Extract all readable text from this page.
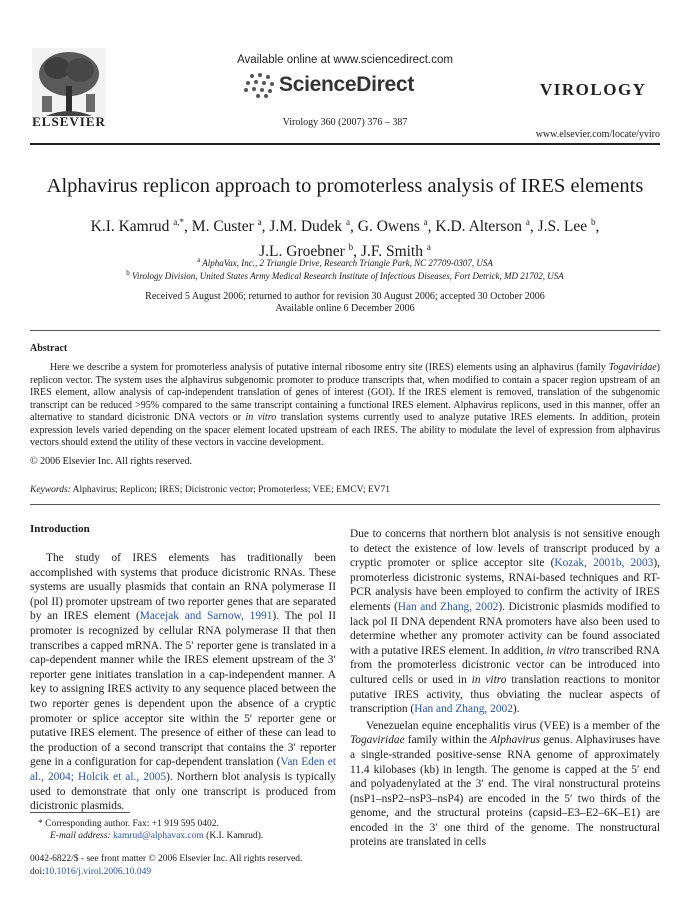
ELSEVIER
Available online at www.sciencedirect.com
ScienceDirect
Virology 360 (2007) 376 – 387
VIROLOGY
www.elsevier.com/locate/yviro
Alphavirus replicon approach to promoterless analysis of IRES elements
K.I. Kamrud $^{a,*}$, M. Custer $^a$, J.M. Dudek $^a$, G. Owens $^a$, K.D. Alterson $^a$, J.S. Lee $^b$,
J.L. Groebner $^b$, J.F. Smith $^a$
$^a$ AlphaVax, Inc., 2 Triangle Drive, Research Triangle Park, NC 27709-0307, USA
$^b$ Virology Division, United States Army Medical Research Institute of Infectious Diseases, Fort Detrick, MD 21702, USA
Received 5 August 2006; returned to author for revision 30 August 2006; accepted 30 October 2006
Available online 6 December 2006
Abstract
Here we describe a system for promoterless analysis of putative internal ribosome entry site (IRES) elements using an alphavirus (family Togaviridae) replicon vector. The system uses the alphavirus subgenomic promoter to produce transcripts that, when modified to contain a spacer region upstream of an IRES element, allow analysis of cap-independent translation of genes of interest (GOI). If the IRES element is removed, translation of the subgenomic transcript can be reduced >95% compared to the same transcript containing a functional IRES element. Alphavirus replicons, used in this manner, offer an alternative to standard dicistronic DNA vectors or in vitro translation systems currently used to analyze putative IRES elements. In addition, protein expression levels varied depending on the spacer element located upstream of each IRES. The ability to modulate the level of expression from alphavirus vectors should extend the utility of these vectors in vaccine development.
© 2006 Elsevier Inc. All rights reserved.
Keywords: Alphavirus; Replicon; IRES; Dicistronic vector; Promoterless; VEE; EMCV; EV71
Introduction

The study of IRES elements has traditionally been accomplished with systems that produce dicistronic RNAs. These systems are usually plasmids that contain an RNA polymerase II (pol II) promoter upstream of two reporter genes that are separated by an IRES element (Macejak and Sarnow, 1991). The pol II promoter is recognized by cellular RNA polymerase II that then transcribes a capped mRNA. The 5′ reporter gene is translated in a cap-dependent manner while the IRES element upstream of the 3′ reporter gene initiates translation in a cap-independent manner. A key to assigning IRES activity to any sequence placed between the two reporter genes is dependent upon the absence of a cryptic promoter or splice acceptor site within the 5′ reporter gene or putative IRES element. The presence of either of these can lead to the production of a second transcript that contains the 3′ reporter gene in a configuration for cap-dependent translation (Van Eden et al., 2004; Holcik et al., 2005). Northern blot analysis is typically used to demonstrate that only one transcript is produced from dicistronic plasmids.

Due to concerns that northern blot analysis is not sensitive enough to detect the existence of low levels of transcript produced by a cryptic promoter or splice acceptor site (Kozak, 2001b, 2003), promoterless dicistronic systems, RNAi-based techniques and RT-PCR analysis have been employed to confirm the activity of IRES elements (Han and Zhang, 2002). Dicistronic plasmids modified to lack pol II DNA dependent RNA promoters have also been used to determine whether any promoter activity can be found associated with a putative IRES element. In addition, in vitro transcribed RNA from the promoterless dicistronic vector can be introduced into cultured cells or used in in vitro translation reactions to monitor putative IRES activity, thus obviating the nuclear aspects of transcription (Han and Zhang, 2002).

Venezuelan equine encephalitis virus (VEE) is a member of the Togaviridae family within the Alphavirus genus. Alphaviruses have a single-stranded positive-sense RNA genome of approximately 11.4 kilobases (kb) in length. The genome is capped at the 5′ end and polyadenylated at the 3′ end. The viral nonstructural proteins (nsP1–nsP2–nsP3–nsP4) are encoded in the 5′ two thirds of the genome, and the structural proteins (capsid–E3–E2–6K–E1) are encoded in the 3′ one third of the genome. The nonstructural proteins are translated in cells

* Corresponding author. Fax: +1 919 595 0402.
E-mail address: kamrud@alphavax.com (K.I. Kamrud).
0042-6822/$ - see front matter © 2006 Elsevier Inc. All rights reserved.
doi:10.1016/j.virol.2006.10.049
